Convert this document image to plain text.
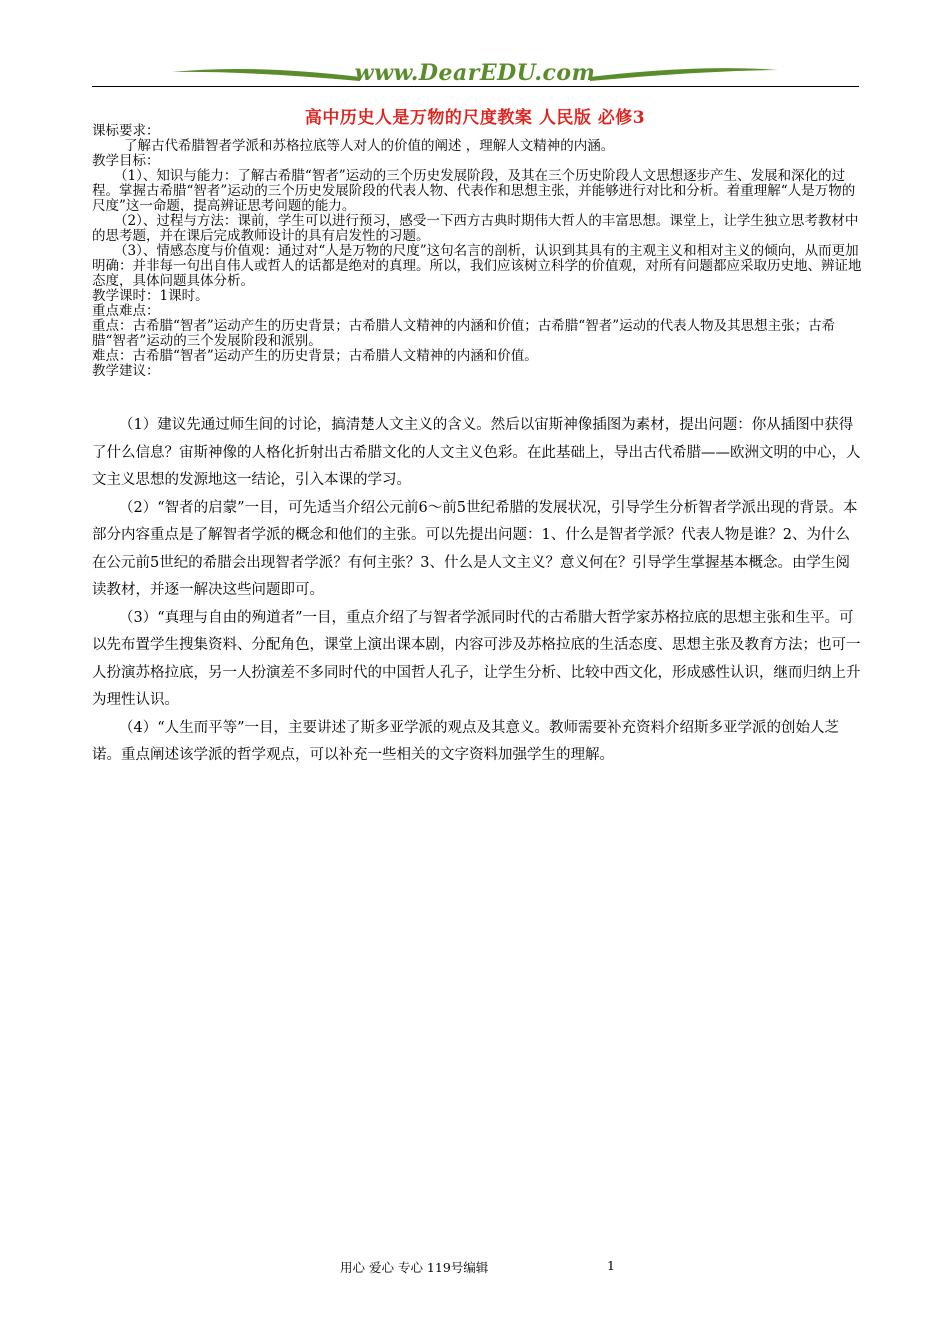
www.DearEDU.com
高中历史人是万物的尺度教案 人民版 必修3

课标要求：

了解古代希腊智者学派和苏格拉底等人对人的价值的阐述 ，理解人文精神的内涵。

教学目标：

（1）、知识与能力：了解古希腊“智者”运动的三个历史发展阶段，及其在三个历史阶段人文思想逐步产生、发展和深化的过程。掌握古希腊“智者”运动的三个历史发展阶段的代表人物、代表作和思想主张，并能够进行对比和分析。着重理解“人是万物的尺度”这一命题，提高辨证思考问题的能力。

（2）、过程与方法：课前，学生可以进行预习，感受一下西方古典时期伟大哲人的丰富思想。课堂上，让学生独立思考教材中的思考题，并在课后完成教师设计的具有启发性的习题。

（3）、情感态度与价值观：通过对“人是万物的尺度”这句名言的剖析，认识到其具有的主观主义和相对主义的倾向，从而更加明确：并非每一句出自伟人或哲人的话都是绝对的真理。所以，我们应该树立科学的价值观，对所有问题都应采取历史地、辨证地态度，具体问题具体分析。

教学课时：1课时。

重点难点：

重点：古希腊“智者”运动产生的历史背景；古希腊人文精神的内涵和价值；古希腊“智者”运动的代表人物及其思想主张；古希腊“智者”运动的三个发展阶段和派别。

难点：古希腊“智者”运动产生的历史背景；古希腊人文精神的内涵和价值。

教学建议：

（1）建议先通过师生间的讨论，搞清楚人文主义的含义。然后以宙斯神像插图为素材，提出问题：你从插图中获得了什么信息？宙斯神像的人格化折射出古希腊文化的人文主义色彩。在此基础上，导出古代希腊——欧洲文明的中心，人文主义思想的发源地这一结论，引入本课的学习。

（2）“智者的启蒙”一目，可先适当介绍公元前6～前5世纪希腊的发展状况，引导学生分析智者学派出现的背景。本部分内容重点是了解智者学派的概念和他们的主张。可以先提出问题：1、什么是智者学派？代表人物是谁？2、为什么在公元前5世纪的希腊会出现智者学派？有何主张？3、什么是人文主义？意义何在？引导学生掌握基本概念。由学生阅读教材，并逐一解决这些问题即可。

（3）“真理与自由的殉道者”一目，重点介绍了与智者学派同时代的古希腊大哲学家苏格拉底的思想主张和生平。可以先布置学生搜集资料、分配角色，课堂上演出课本剧，内容可涉及苏格拉底的生活态度、思想主张及教育方法；也可一人扮演苏格拉底，另一人扮演差不多同时代的中国哲人孔子，让学生分析、比较中西文化，形成感性认识，继而归纳上升为理性认识。

（4）“人生而平等”一目，主要讲述了斯多亚学派的观点及其意义。教师需要补充资料介绍斯多亚学派的创始人芝诺。重点阐述该学派的哲学观点，可以补充一些相关的文字资料加强学生的理解。

用心 爱心 专心 119号编辑	1
